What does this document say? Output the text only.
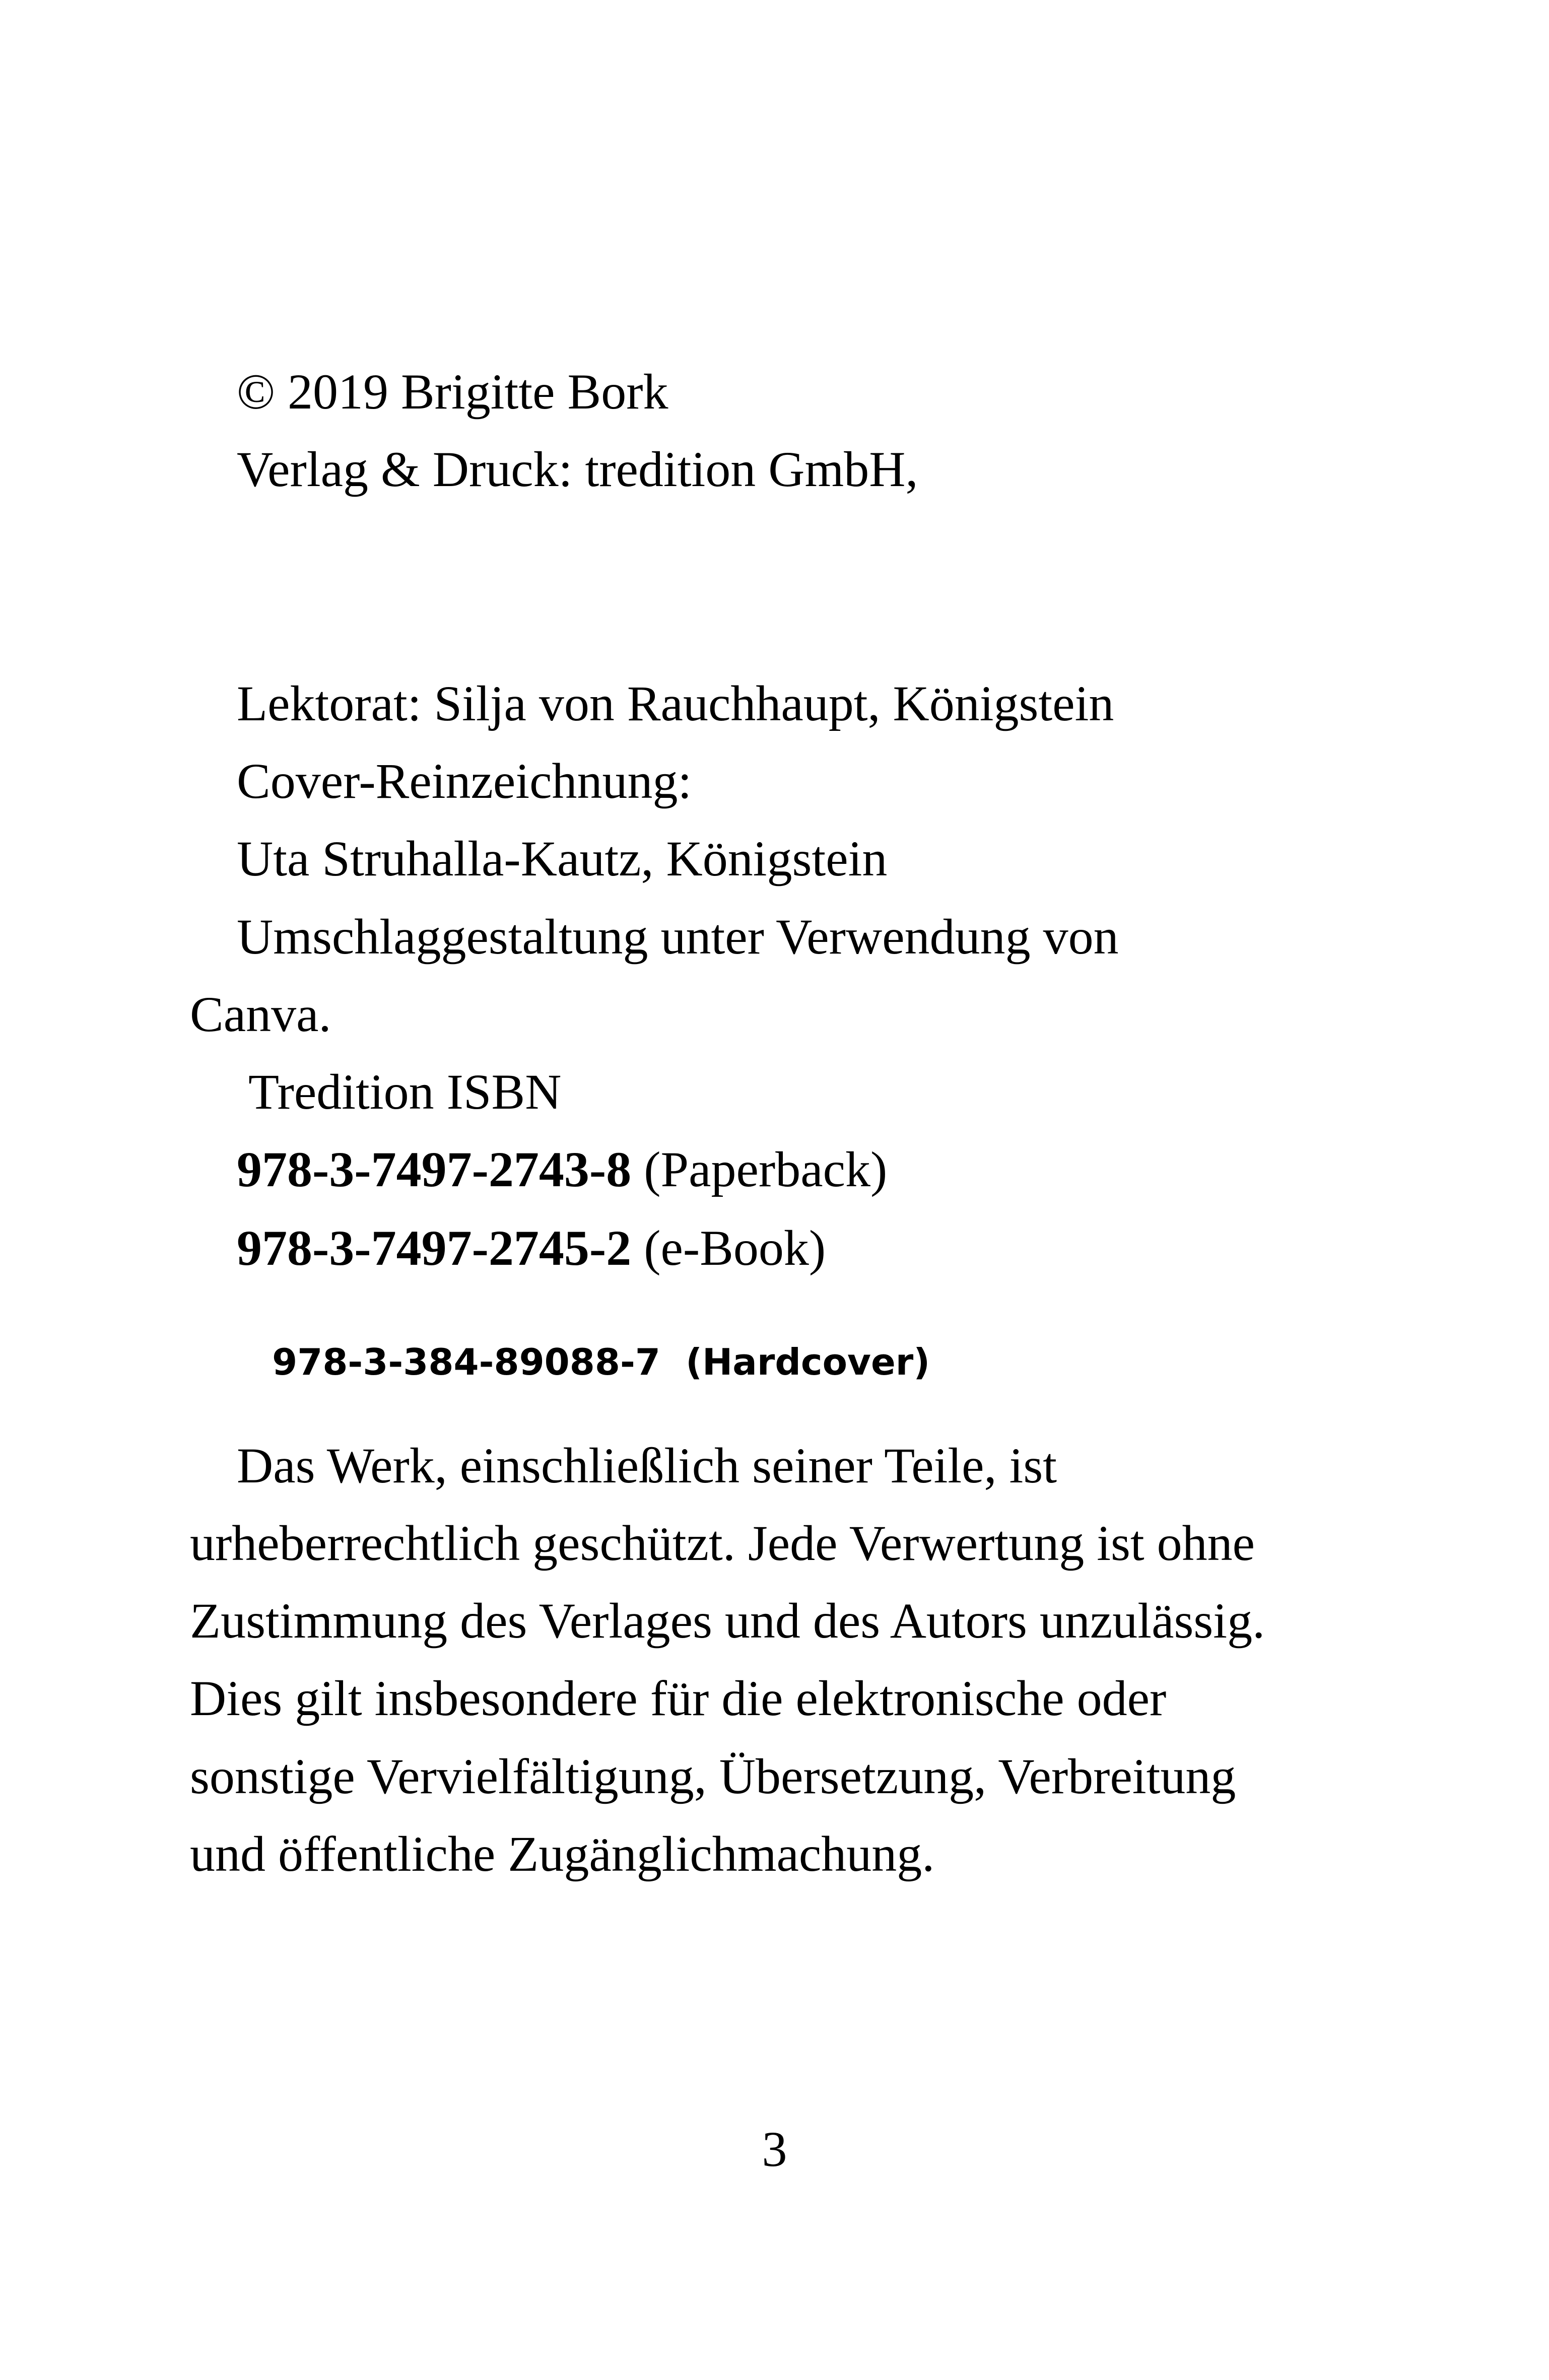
© 2019 Brigitte Bork
Verlag & Druck: tredition GmbH,
Lektorat: Silja von Rauchhaupt, Königstein
Cover-Reinzeichnung:
Uta Struhalla-Kautz, Königstein
Umschlaggestaltung unter Verwendung von
Canva.
Tredition ISBN
978-3-7497-2743-8 (Paperback)
978-3-7497-2745-2 (e-Book)

978-3-384-89088-7  (Hardcover)

Das Werk, einschließlich seiner Teile, ist
urheberrechtlich geschützt. Jede Verwertung ist ohne
Zustimmung des Verlages und des Autors unzulässig.
Dies gilt insbesondere für die elektronische oder
sonstige Vervielfältigung, Übersetzung, Verbreitung
und öffentliche Zugänglichmachung.
3
